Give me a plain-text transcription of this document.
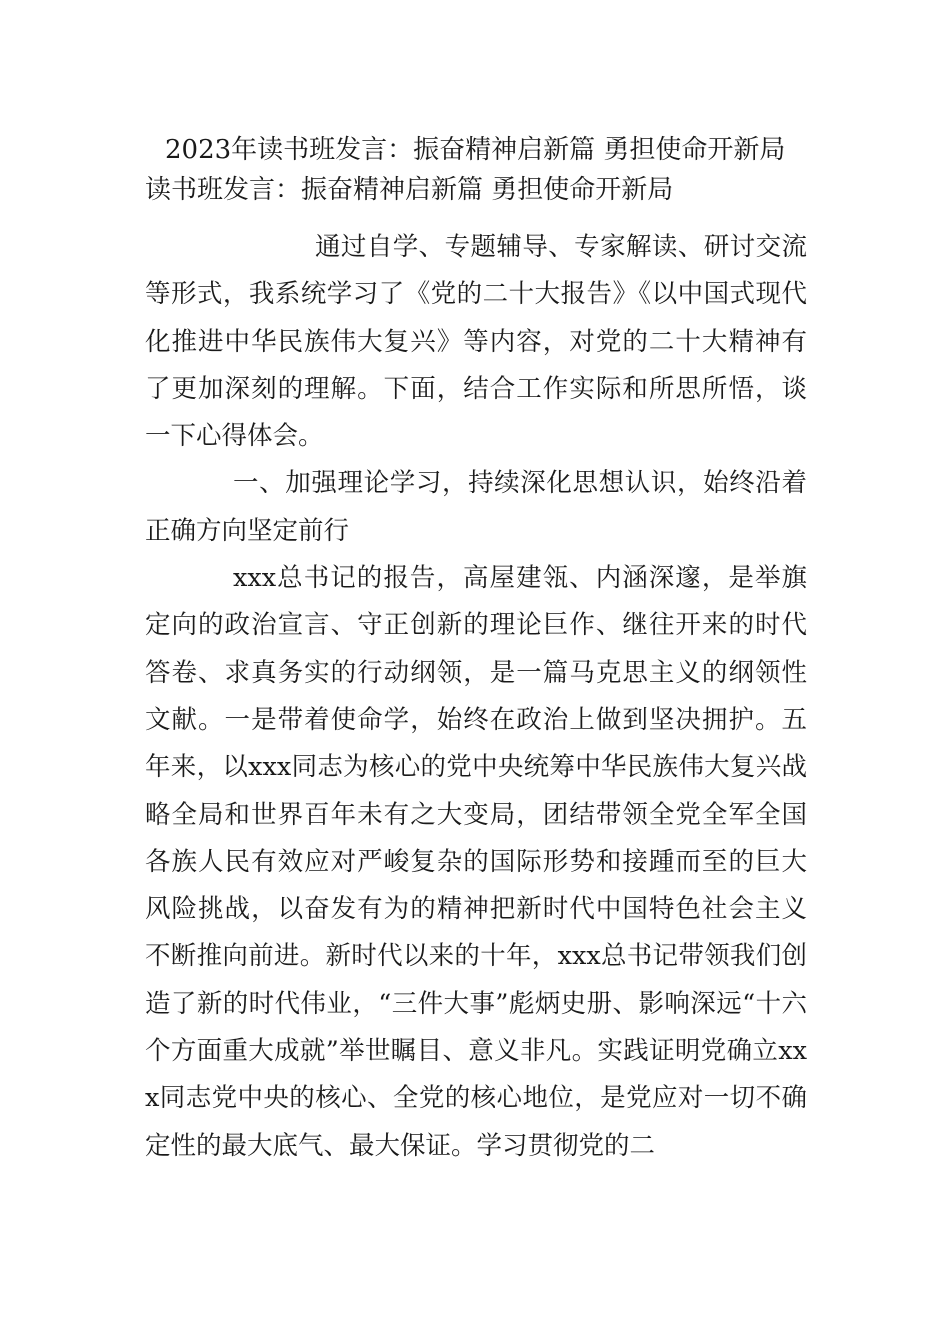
2023年读书班发言：振奋精神启新篇 勇担使命开新局
读书班发言：振奋精神启新篇 勇担使命开新局

通过自学、专题辅导、专家解读、研讨交流等形式，我系统学习了《党的二十大报告》《以中国式现代化推进中华民族伟大复兴》等内容，对党的二十大精神有了更加深刻的理解。下面，结合工作实际和所思所悟，谈一下心得体会。

一、加强理论学习，持续深化思想认识，始终沿着正确方向坚定前行

xxx总书记的报告，高屋建瓴、内涵深邃，是举旗定向的政治宣言、守正创新的理论巨作、继往开来的时代答卷、求真务实的行动纲领，是一篇马克思主义的纲领性文献。一是带着使命学，始终在政治上做到坚决拥护。五年来，以xxx同志为核心的党中央统筹中华民族伟大复兴战略全局和世界百年未有之大变局，团结带领全党全军全国各族人民有效应对严峻复杂的国际形势和接踵而至的巨大风险挑战，以奋发有为的精神把新时代中国特色社会主义不断推向前进。新时代以来的十年，xxx总书记带领我们创造了新的时代伟业，“三件大事”彪炳史册、影响深远“十六个方面重大成就”举世瞩目、意义非凡。实践证明党确立xxx同志党中央的核心、全党的核心地位，是党应对一切不确定性的最大底气、最大保证。学习贯彻党的二
